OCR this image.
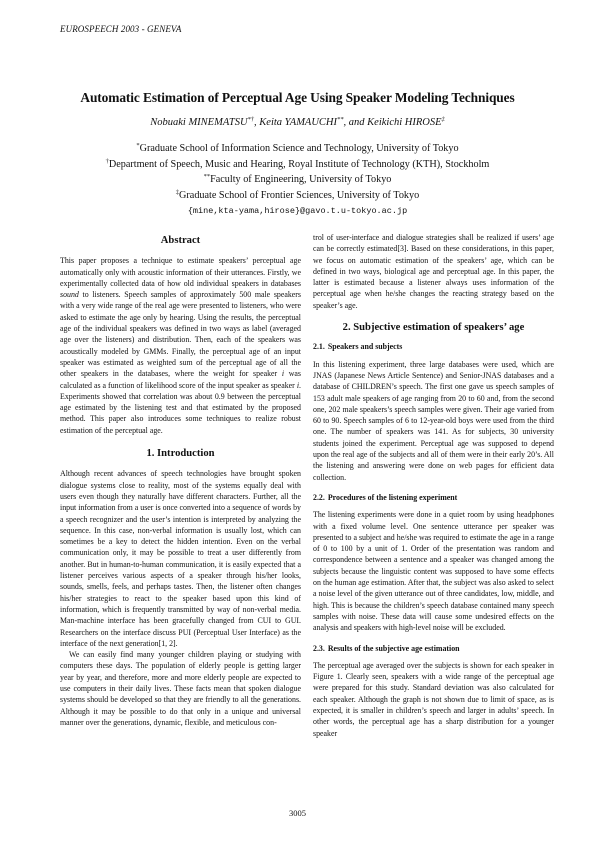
EUROSPEECH 2003 - GENEVA
Automatic Estimation of Perceptual Age Using Speaker Modeling Techniques
Nobuaki MINEMATSU*†, Keita YAMAUCHI**, and Keikichi HIROSE‡
*Graduate School of Information Science and Technology, University of Tokyo
†Department of Speech, Music and Hearing, Royal Institute of Technology (KTH), Stockholm
**Faculty of Engineering, University of Tokyo
‡Graduate School of Frontier Sciences, University of Tokyo
{mine,kta-yama,hirose}@gavo.t.u-tokyo.ac.jp
Abstract

This paper proposes a technique to estimate speakers’ perceptual age automatically only with acoustic information of their utterances. Firstly, we experimentally collected data of how old individual speakers in databases sound to listeners. Speech samples of approximately 500 male speakers with a very wide range of the real age were presented to listeners, who were asked to estimate the age only by hearing. Using the results, the perceptual age of the individual speakers was defined in two ways as label (averaged age over the listeners) and distribution. Then, each of the speakers was acoustically modeled by GMMs. Finally, the perceptual age of an input speaker was estimated as weighted sum of the perceptual age of all the other speakers in the databases, where the weight for speaker i was calculated as a function of likelihood score of the input speaker as speaker i. Experiments showed that correlation was about 0.9 between the perceptual age estimated by the listening test and that estimated by the proposed method. This paper also introduces some techniques to realize robust estimation of the perceptual age.

1. Introduction

Although recent advances of speech technologies have brought spoken dialogue systems close to reality, most of the systems equally deal with users even though they naturally have different characters. Further, all the input information from a user is once converted into a sequence of words by a speech recognizer and the user’s intention is interpreted by analyzing the sequence. In this case, non-verbal information is usually lost, which can sometimes be a key to detect the hidden intention. Even on the verbal communication only, it may be possible to treat a user differently from another. But in human-to-human communication, it is easily expected that a listener perceives various aspects of a speaker through his/her looks, sounds, smells, feels, and perhaps tastes. Then, the listener often changes his/her strategies to react to the speaker based upon this kind of information, which is frequently transmitted by way of non-verbal media. Man-machine interface has been gracefully changed from CUI to GUI. Researchers on the interface discuss PUI (Perceptual User Interface) as the interface of the next generation[1, 2].

We can easily find many younger children playing or studying with computers these days. The population of elderly people is getting larger year by year, and therefore, more and more elderly people are expected to use computers in their daily lives. These facts mean that spoken dialogue systems should be developed so that they are friendly to all the generations. Although it may be possible to do that only in a unique and universal manner over the generations, dynamic, flexible, and meticulous con-

trol of user-interface and dialogue strategies shall be realized if users’ age can be correctly estimated[3]. Based on these considerations, in this paper, we focus on automatic estimation of the speakers’ age, which can be defined in two ways, biological age and perceptual age. In this paper, the latter is estimated because a listener always uses information of the perceptual age when he/she changes the reacting strategy based on the speaker’s age.

2. Subjective estimation of speakers’ age
2.1. Speakers and subjects

In this listening experiment, three large databases were used, which are JNAS (Japanese News Article Sentence) and Senior-JNAS databases and a database of CHILDREN’s speech. The first one gave us speech samples of 153 adult male speakers of age ranging from 20 to 60 and, from the second one, 202 male speakers’s speech samples were given. Their age varied from 60 to 90. Speech samples of 6 to 12-year-old boys were used from the third one. The number of speakers was 141. As for subjects, 30 university students joined the experiment. Perceptual age was supposed to depend upon the real age of the subjects and all of them were in their early 20’s. All the listening and answering were done on web pages for efficient data collection.

2.2. Procedures of the listening experiment

The listening experiments were done in a quiet room by using headphones with a fixed volume level. One sentence utterance per speaker was presented to a subject and he/she was required to estimate the age in a range of 0 to 100 by a unit of 1. Order of the presentation was random and correspondence between a sentence and a speaker was changed among the subjects because the linguistic content was supposed to have some effects on the human age estimation. After that, the subject was also asked to select a noise level of the given utterance out of three candidates, low, middle, and high. This is because the children’s speech database contained many speech samples with noise. These data will cause some undesired effects on the analysis and speakers with high-level noise will be excluded.

2.3. Results of the subjective age estimation

The perceptual age averaged over the subjects is shown for each speaker in Figure 1. Clearly seen, speakers with a wide range of the perceptual age were prepared for this study. Standard deviation was also calculated for each speaker. Although the graph is not shown due to limit of space, as is expected, it is smaller in children’s speech and larger in adults’ speech. In other words, the perceptual age has a sharp distribution for a younger speaker

3005
